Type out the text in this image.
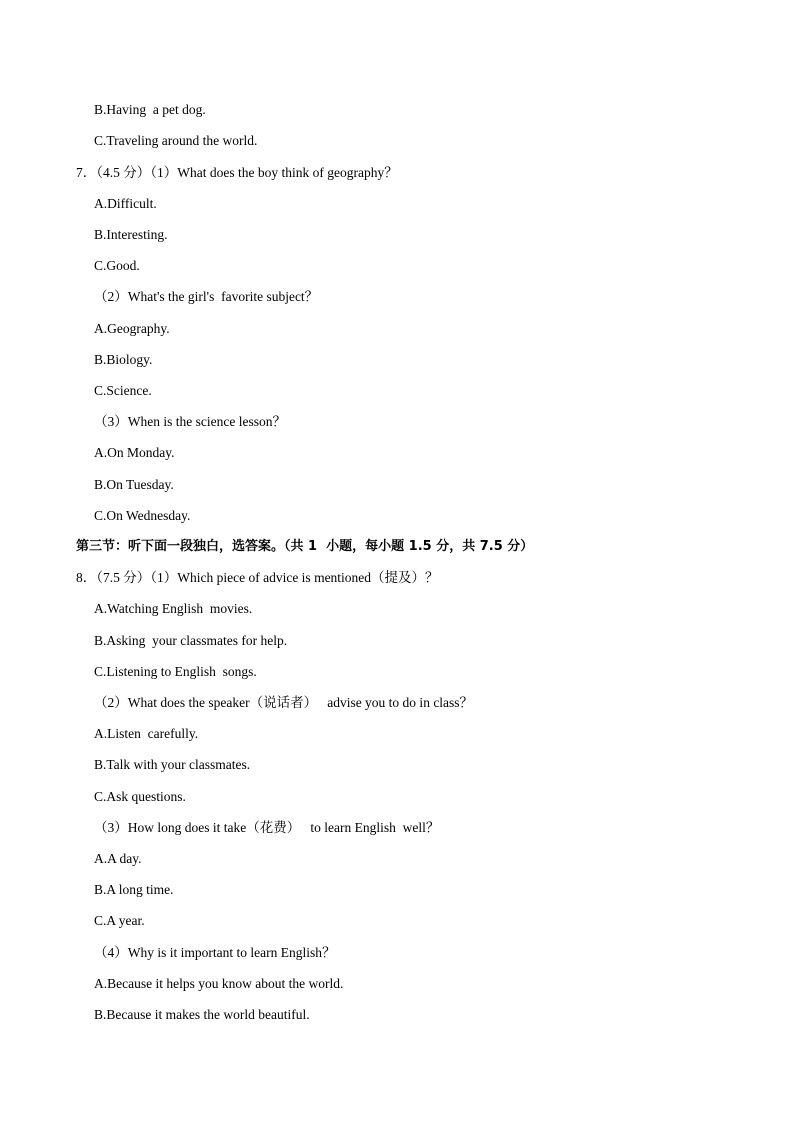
B.Having  a pet dog.
C.Traveling around the world.
7．（4.5 分）（1）What does the boy think of geography？
A.Difficult.
B.Interesting.
C.Good.
（2）What's the girl's  favorite subject？
A.Geography.
B.Biology.
C.Science.
（3）When is the science lesson？
A.On Monday.
B.On Tuesday.
C.On Wednesday.
第三节：听下面一段独白，选答案。（共 1  小题，每小题 1.5 分，共 7.5 分）
8．（7.5 分）（1）Which piece of advice is mentioned（提及）？
A.Watching English  movies.
B.Asking  your classmates for help.
C.Listening to English  songs.
（2）What does the speaker（说话者）   advise you to do in class？
A.Listen  carefully.
B.Talk with your classmates.
C.Ask questions.
（3）How long does it take（花费）   to learn English  well？
A.A day.
B.A long time.
C.A year.
（4）Why is it important to learn English？
A.Because it helps you know about the world.
B.Because it makes the world beautiful.
